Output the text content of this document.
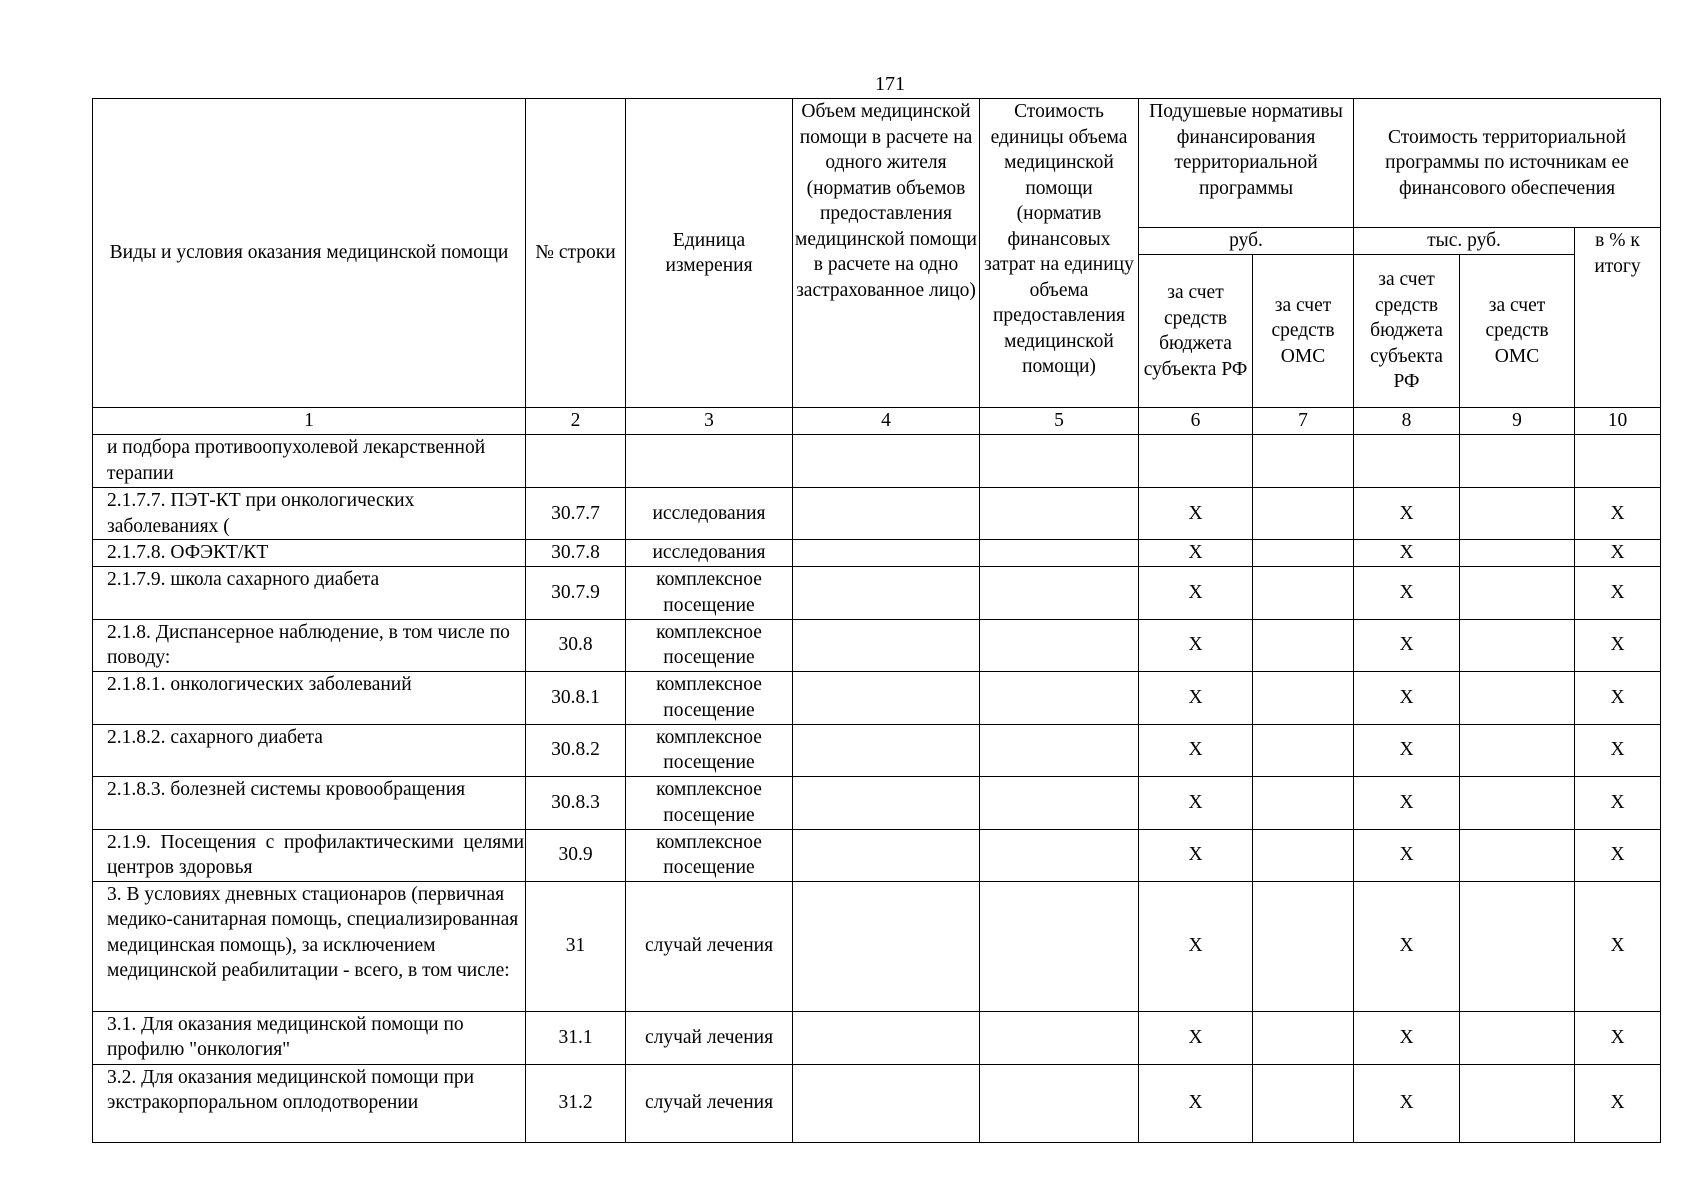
171
Виды и условия оказания медицинской помощи	№ строки	Единица измерения	Объем медицинской помощи в расчете на одного жителя (норматив объемов предоставления медицинской помощи в расчете на одно застрахованное лицо)	Стоимость единицы объема медицинской помощи (норматив финансовых затрат на единицу объема предоставления медицинской помощи)	Подушевые нормативы финансирования территориальной программы		Стоимость территориальной программы по источникам ее финансового обеспечения		
					руб.		тыс. руб.		в % к итогу
					за счет средств бюджета субъекта РФ	за счет средств ОМС	за счет средств бюджета субъекта РФ	за счет средств ОМС	
1	2	3	4	5	6	7	8	9	10
и подбора противоопухолевой лекарственной терапии									
2.1.7.7. ПЭТ-КТ при онкологических заболеваниях (	30.7.7	исследования			X		X		X
2.1.7.8. ОФЭКТ/КТ	30.7.8	исследования			X		X		X
2.1.7.9. школа сахарного диабета	30.7.9	комплексное посещение			X		X		X
2.1.8. Диспансерное наблюдение, в том числе по поводу:	30.8	комплексное посещение			X		X		X
2.1.8.1. онкологических заболеваний	30.8.1	комплексное посещение			X		X		X
2.1.8.2. сахарного диабета	30.8.2	комплексное посещение			X		X		X
2.1.8.3. болезней системы кровообращения	30.8.3	комплексное посещение			X		X		X
2.1.9. Посещения с профилактическими целями центров здоровья	30.9	комплексное посещение			X		X		X
3. В условиях дневных стационаров (первичная медико-санитарная помощь, специализированная медицинская помощь), за исключением медицинской реабилитации - всего, в том числе:	31	случай лечения			X		X		X
3.1. Для оказания медицинской помощи по профилю "онкология"	31.1	случай лечения			X		X		X
3.2. Для оказания медицинской помощи при экстракорпоральном оплодотворении	31.2	случай лечения			X		X		X
